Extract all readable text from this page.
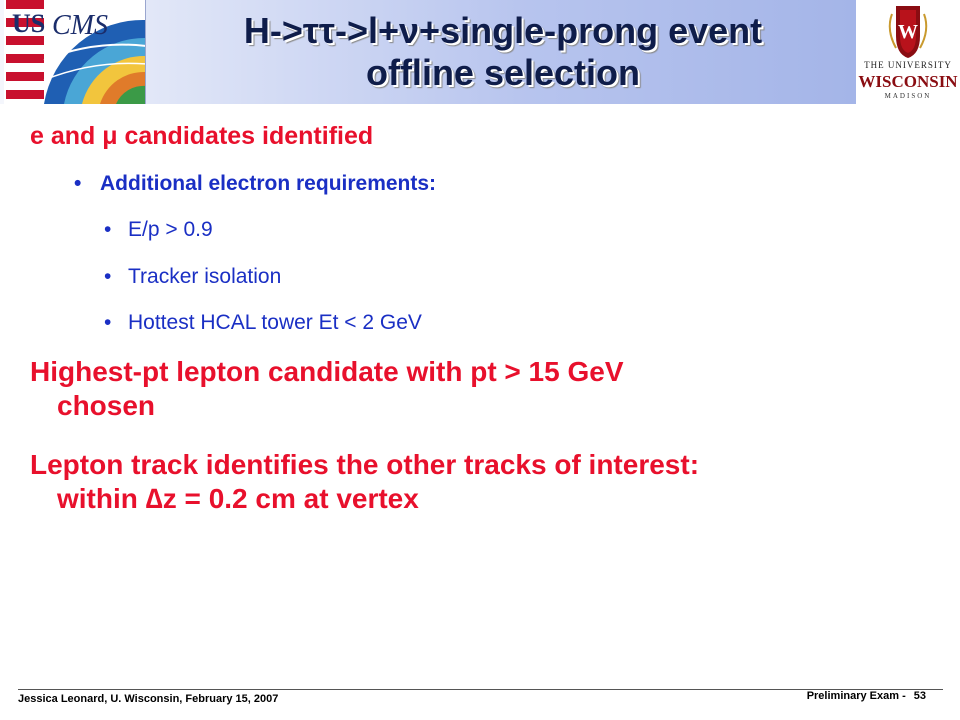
US CMS	H->ττ->l+ν+single-prong event
offline selection
W
THE UNIVERSITY
WISCONSIN
MADISON
e and μ candidates identified
• Additional electron requirements:
• E/p > 0.9
• Tracker isolation
• Hottest HCAL tower Et < 2 GeV
Highest-pt lepton candidate with pt > 15 GeV
chosen
Lepton track identifies the other tracks of interest:
within ∆z = 0.2 cm at vertex
Jessica Leonard, U. Wisconsin, February 15, 2007	Preliminary Exam - 53
